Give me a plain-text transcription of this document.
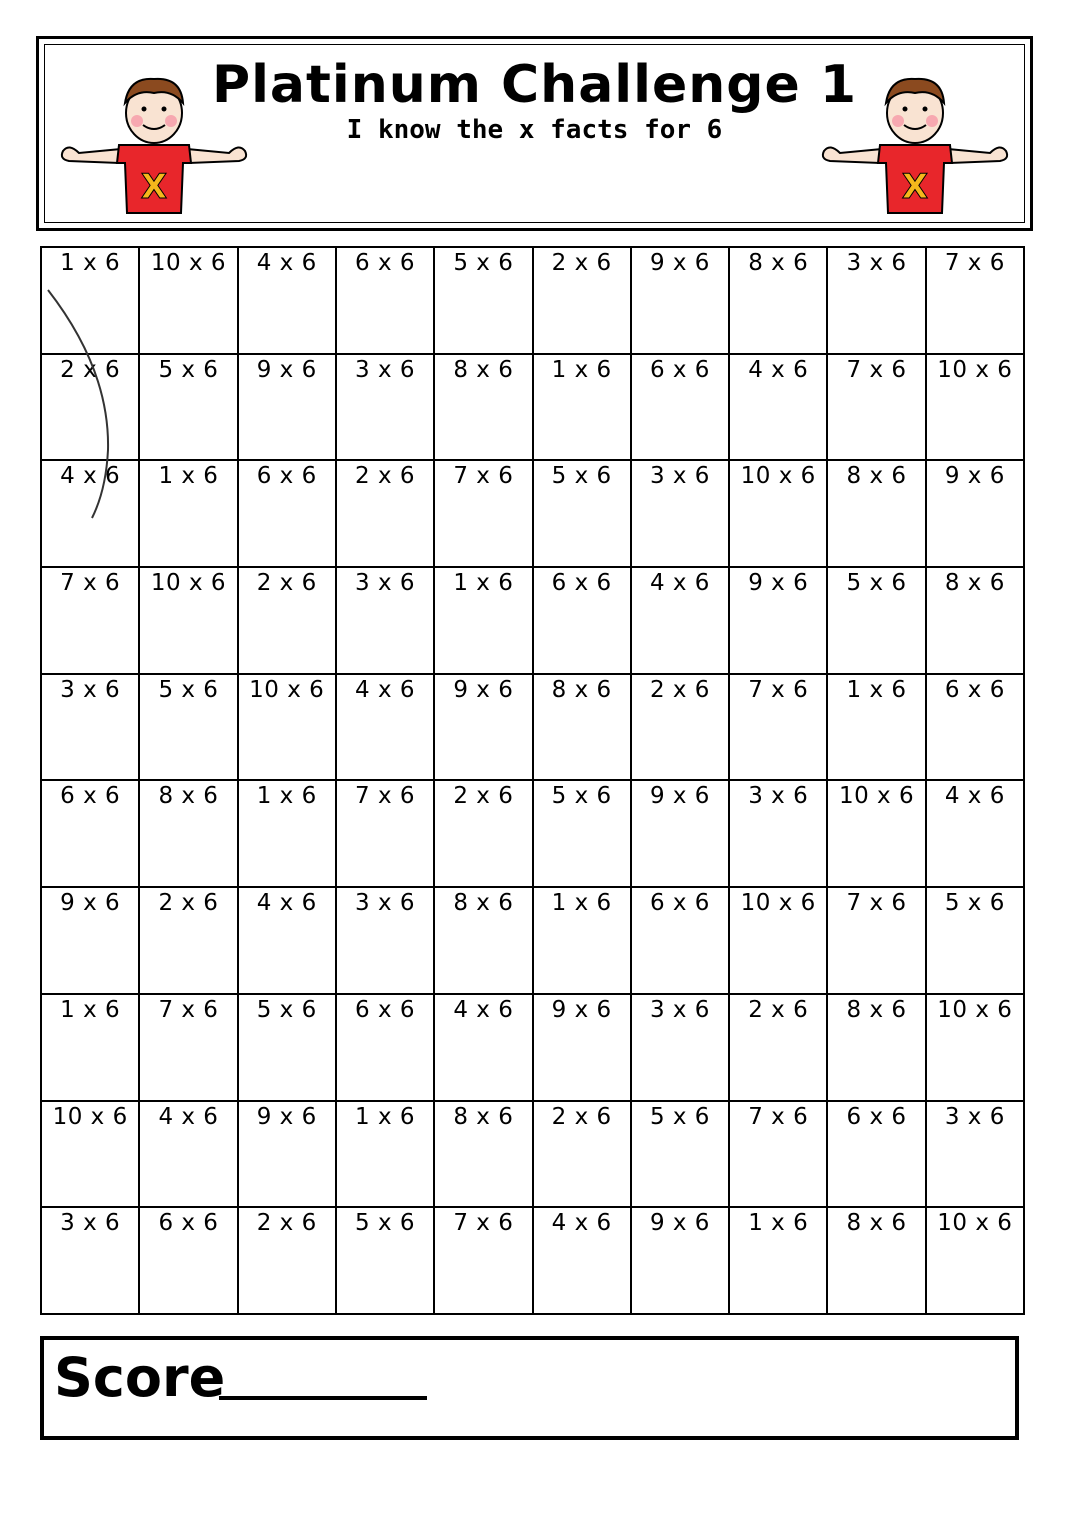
X
Platinum Challenge 1
I know the x facts for 6
X
1 x 6	10 x 6	4 x 6	6 x 6	5 x 6	2 x 6	9 x 6	8 x 6	3 x 6	7 x 6
2 x 6	5 x 6	9 x 6	3 x 6	8 x 6	1 x 6	6 x 6	4 x 6	7 x 6	10 x 6
4 x 6	1 x 6	6 x 6	2 x 6	7 x 6	5 x 6	3 x 6	10 x 6	8 x 6	9 x 6
7 x 6	10 x 6	2 x 6	3 x 6	1 x 6	6 x 6	4 x 6	9 x 6	5 x 6	8 x 6
3 x 6	5 x 6	10 x 6	4 x 6	9 x 6	8 x 6	2 x 6	7 x 6	1 x 6	6 x 6
6 x 6	8 x 6	1 x 6	7 x 6	2 x 6	5 x 6	9 x 6	3 x 6	10 x 6	4 x 6
9 x 6	2 x 6	4 x 6	3 x 6	8 x 6	1 x 6	6 x 6	10 x 6	7 x 6	5 x 6
1 x 6	7 x 6	5 x 6	6 x 6	4 x 6	9 x 6	3 x 6	2 x 6	8 x 6	10 x 6
10 x 6	4 x 6	9 x 6	1 x 6	8 x 6	2 x 6	5 x 6	7 x 6	6 x 6	3 x 6
3 x 6	6 x 6	2 x 6	5 x 6	7 x 6	4 x 6	9 x 6	1 x 6	8 x 6	10 x 6
Score
